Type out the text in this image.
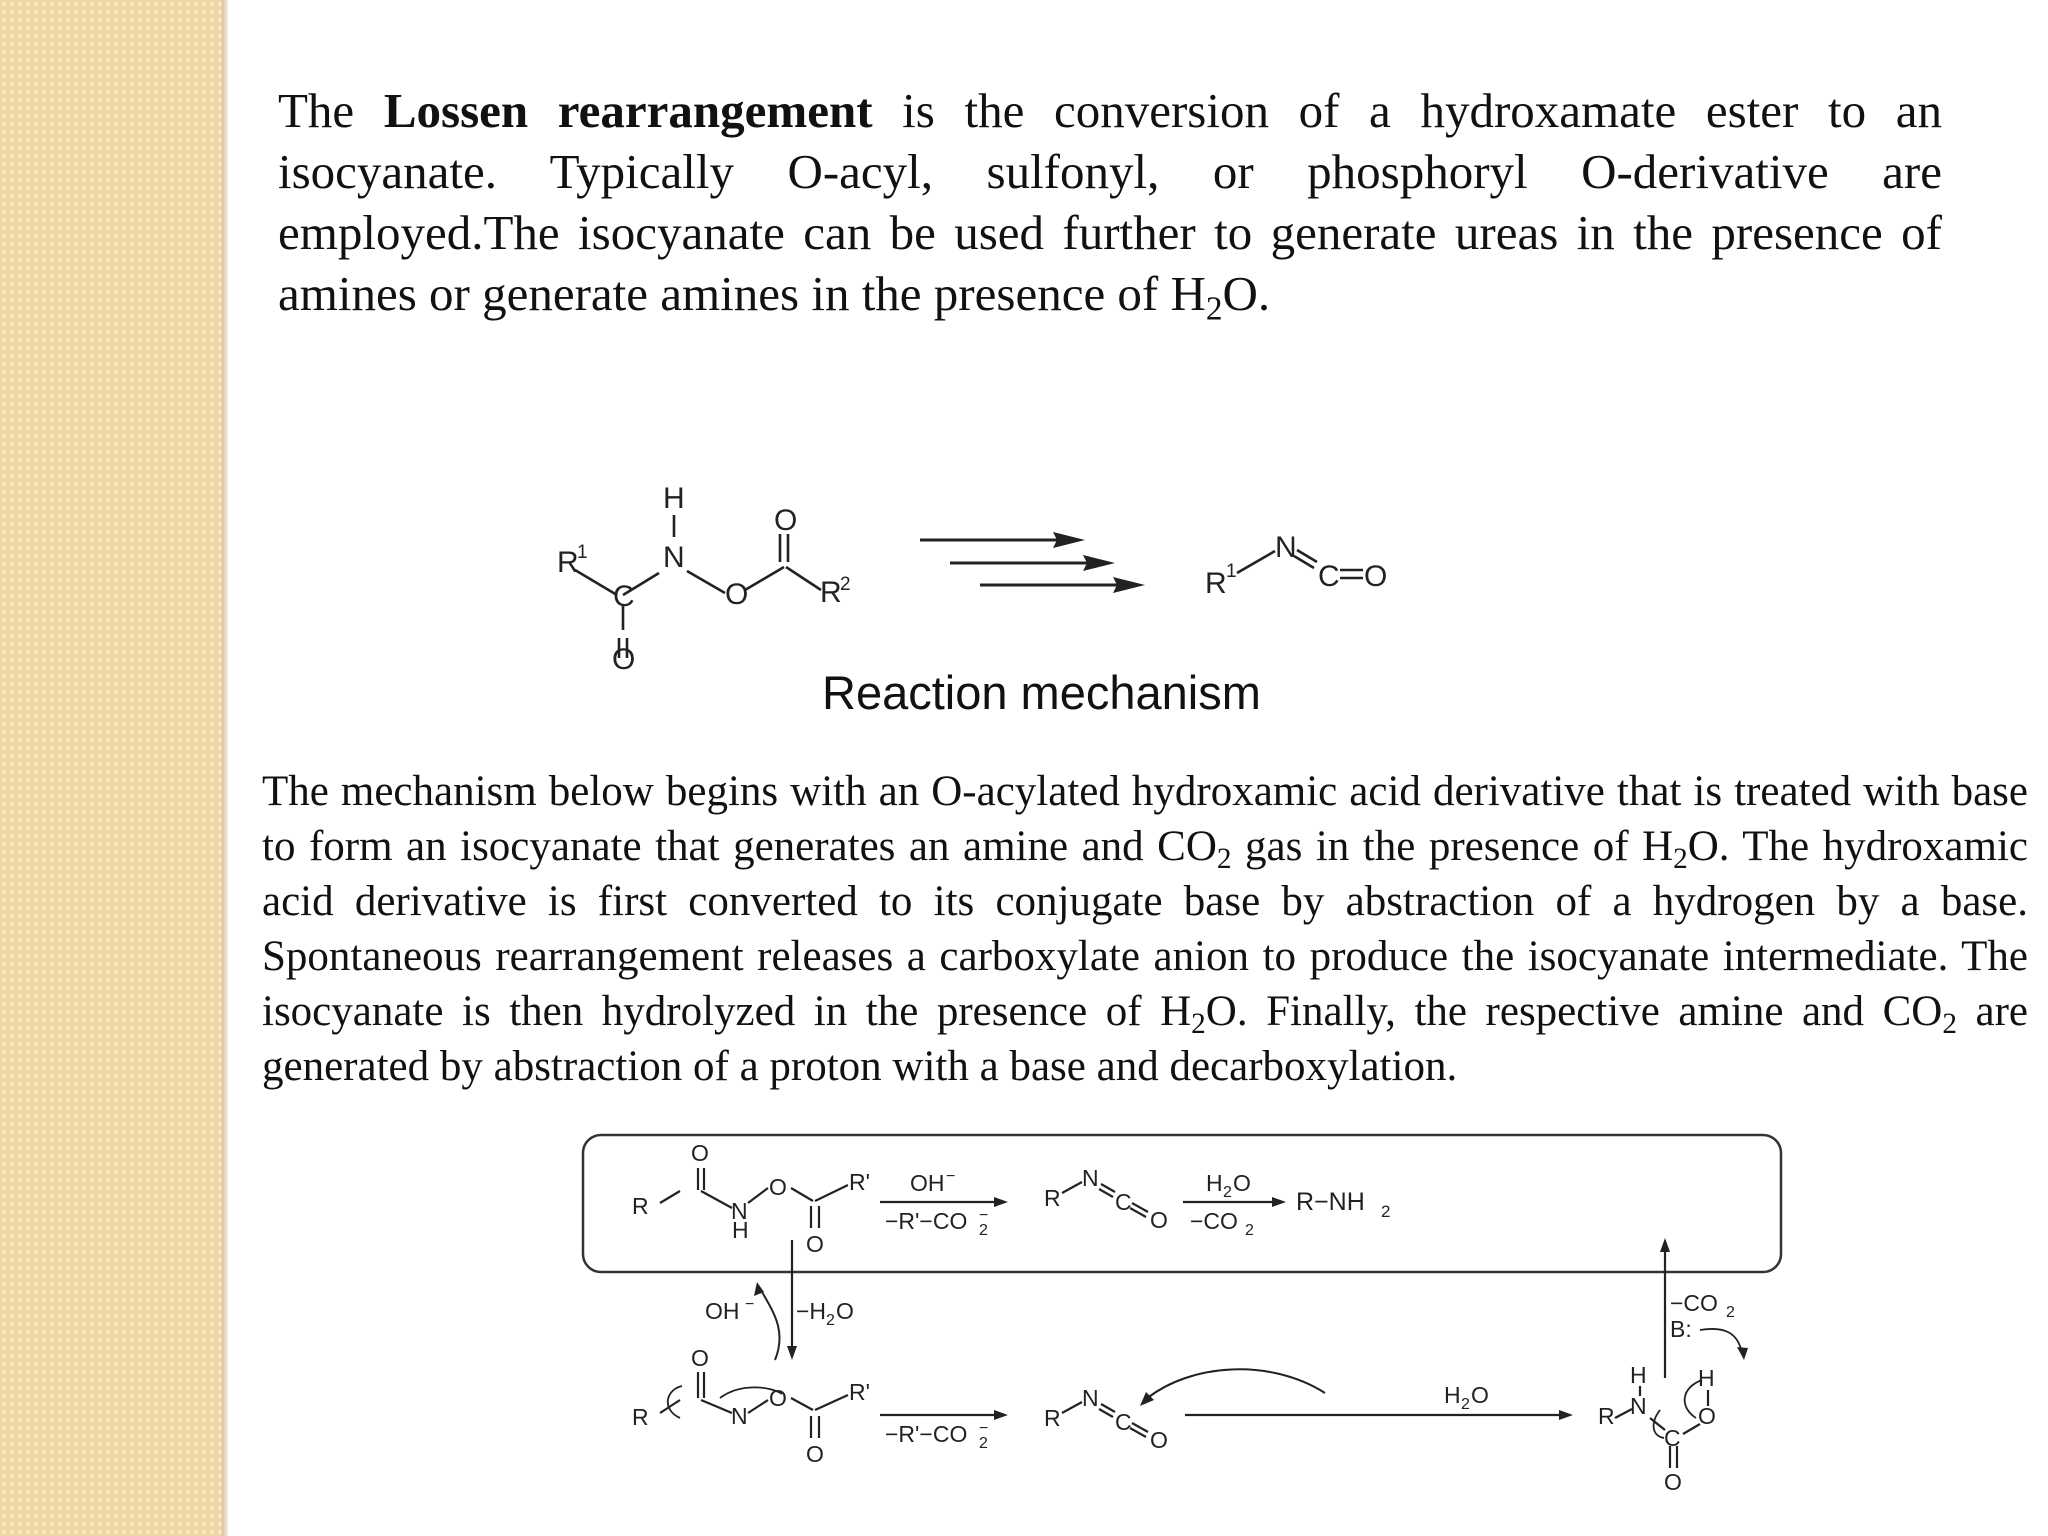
The Lossen rearrangement is the conversion of a hydroxamate ester to an isocyanate. Typically O-acyl, sulfonyl, or phosphoryl O-derivative are employed.The isocyanate can be used further to generate ureas in the presence of amines or generate amines in the presence of $H_2O$.

R
1
C
O
H
N
O
O
R
2	R 1
N
C O
Reaction mechanism

The mechanism below begins with an O-acylated hydroxamic acid derivative that is treated with base to form an isocyanate that generates an amine and $CO_2$ gas in the presence of $H_2O$. The hydroxamic acid derivative is first converted to its conjugate base by abstraction of a hydrogen by a base. Spontaneous rearrangement releases a carboxylate anion to produce the isocyanate intermediate. The isocyanate is then hydrolyzed in the presence of $H_2O$. Finally, the respective amine and $CO_2$ are generated by abstraction of a proton with a base and decarboxylation.

R
O
N
H
O
O
R' OH −
−R'−CO 2
−
R
N
C
O
H 2 O
−CO 2
R−NH 2
OH − −H 2 O
R
O
N
O
O
R'
−R'−CO 2
− R
N
C
O
H 2 O
R
H
N
C
O
O
H
−CO 2
B:
